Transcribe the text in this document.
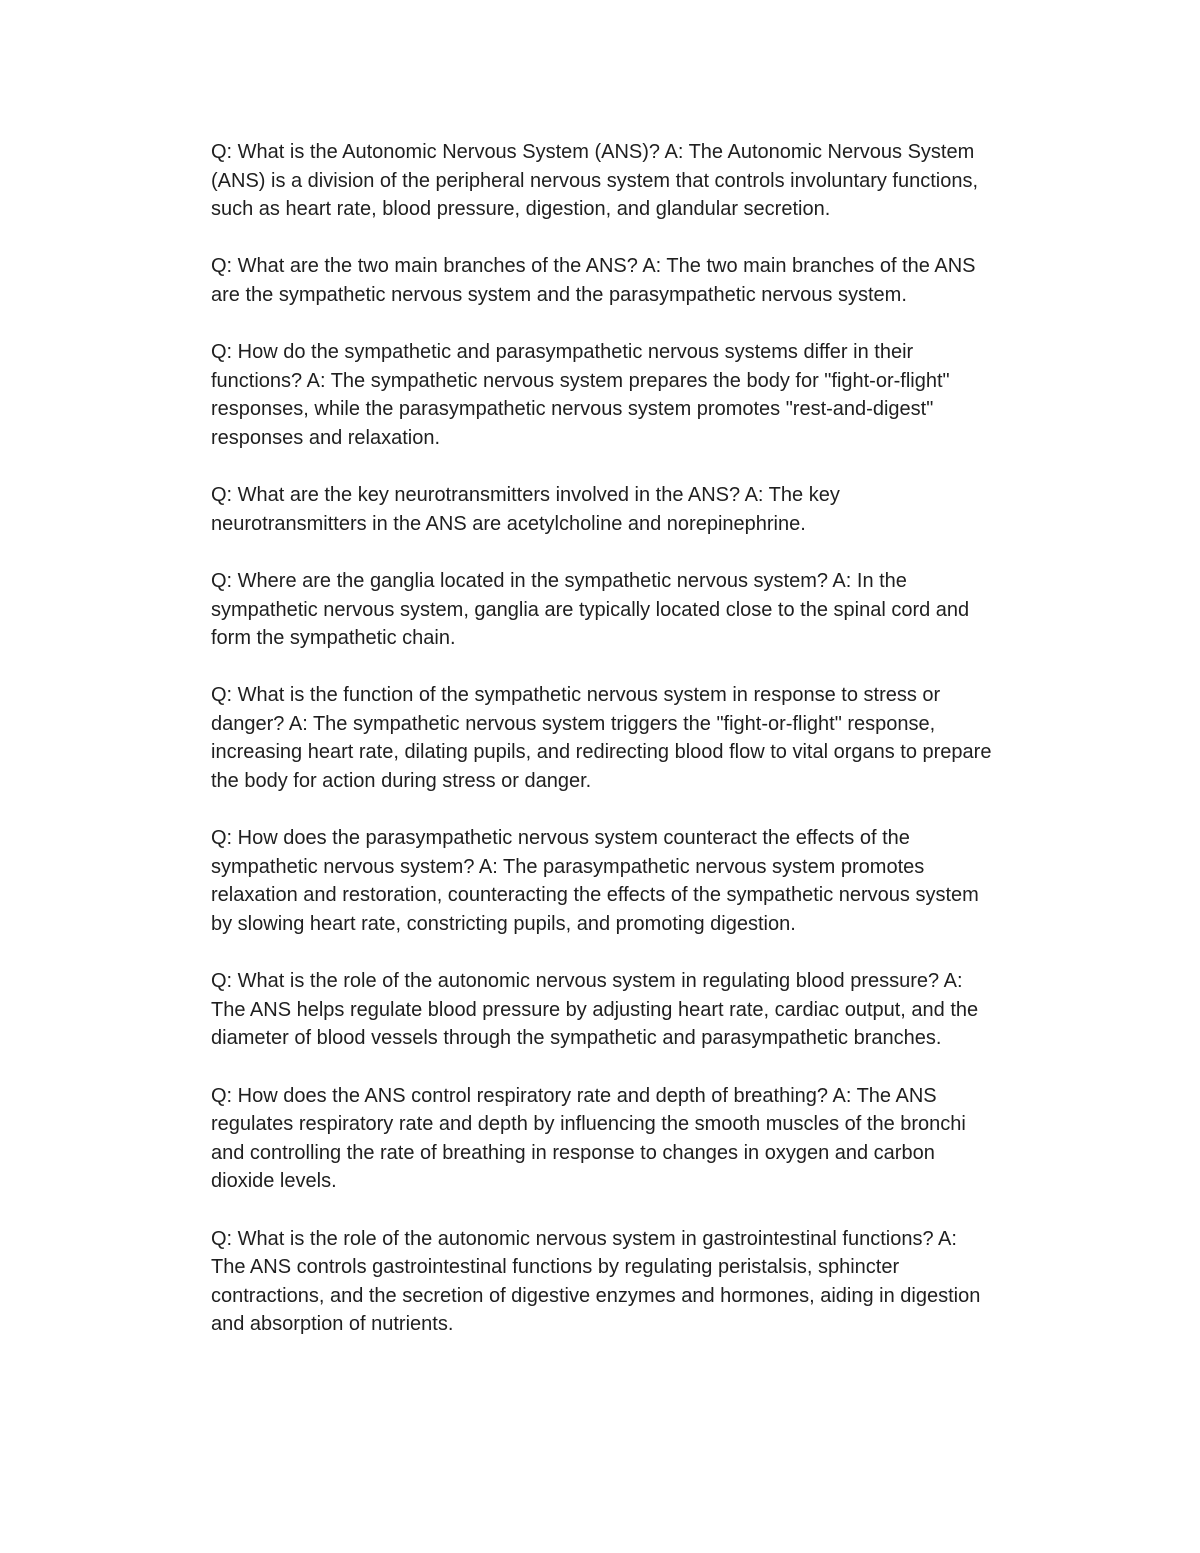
Q: What is the Autonomic Nervous System (ANS)? A: The Autonomic Nervous System
(ANS) is a division of the peripheral nervous system that controls involuntary functions,
such as heart rate, blood pressure, digestion, and glandular secretion.

Q: What are the two main branches of the ANS? A: The two main branches of the ANS
are the sympathetic nervous system and the parasympathetic nervous system.

Q: How do the sympathetic and parasympathetic nervous systems differ in their
functions? A: The sympathetic nervous system prepares the body for "fight-or-flight"
responses, while the parasympathetic nervous system promotes "rest-and-digest"
responses and relaxation.

Q: What are the key neurotransmitters involved in the ANS? A: The key
neurotransmitters in the ANS are acetylcholine and norepinephrine.

Q: Where are the ganglia located in the sympathetic nervous system? A: In the
sympathetic nervous system, ganglia are typically located close to the spinal cord and
form the sympathetic chain.

Q: What is the function of the sympathetic nervous system in response to stress or
danger? A: The sympathetic nervous system triggers the "fight-or-flight" response,
increasing heart rate, dilating pupils, and redirecting blood flow to vital organs to prepare
the body for action during stress or danger.

Q: How does the parasympathetic nervous system counteract the effects of the
sympathetic nervous system? A: The parasympathetic nervous system promotes
relaxation and restoration, counteracting the effects of the sympathetic nervous system
by slowing heart rate, constricting pupils, and promoting digestion.

Q: What is the role of the autonomic nervous system in regulating blood pressure? A:
The ANS helps regulate blood pressure by adjusting heart rate, cardiac output, and the
diameter of blood vessels through the sympathetic and parasympathetic branches.

Q: How does the ANS control respiratory rate and depth of breathing? A: The ANS
regulates respiratory rate and depth by influencing the smooth muscles of the bronchi
and controlling the rate of breathing in response to changes in oxygen and carbon
dioxide levels.

Q: What is the role of the autonomic nervous system in gastrointestinal functions? A:
The ANS controls gastrointestinal functions by regulating peristalsis, sphincter
contractions, and the secretion of digestive enzymes and hormones, aiding in digestion
and absorption of nutrients.
